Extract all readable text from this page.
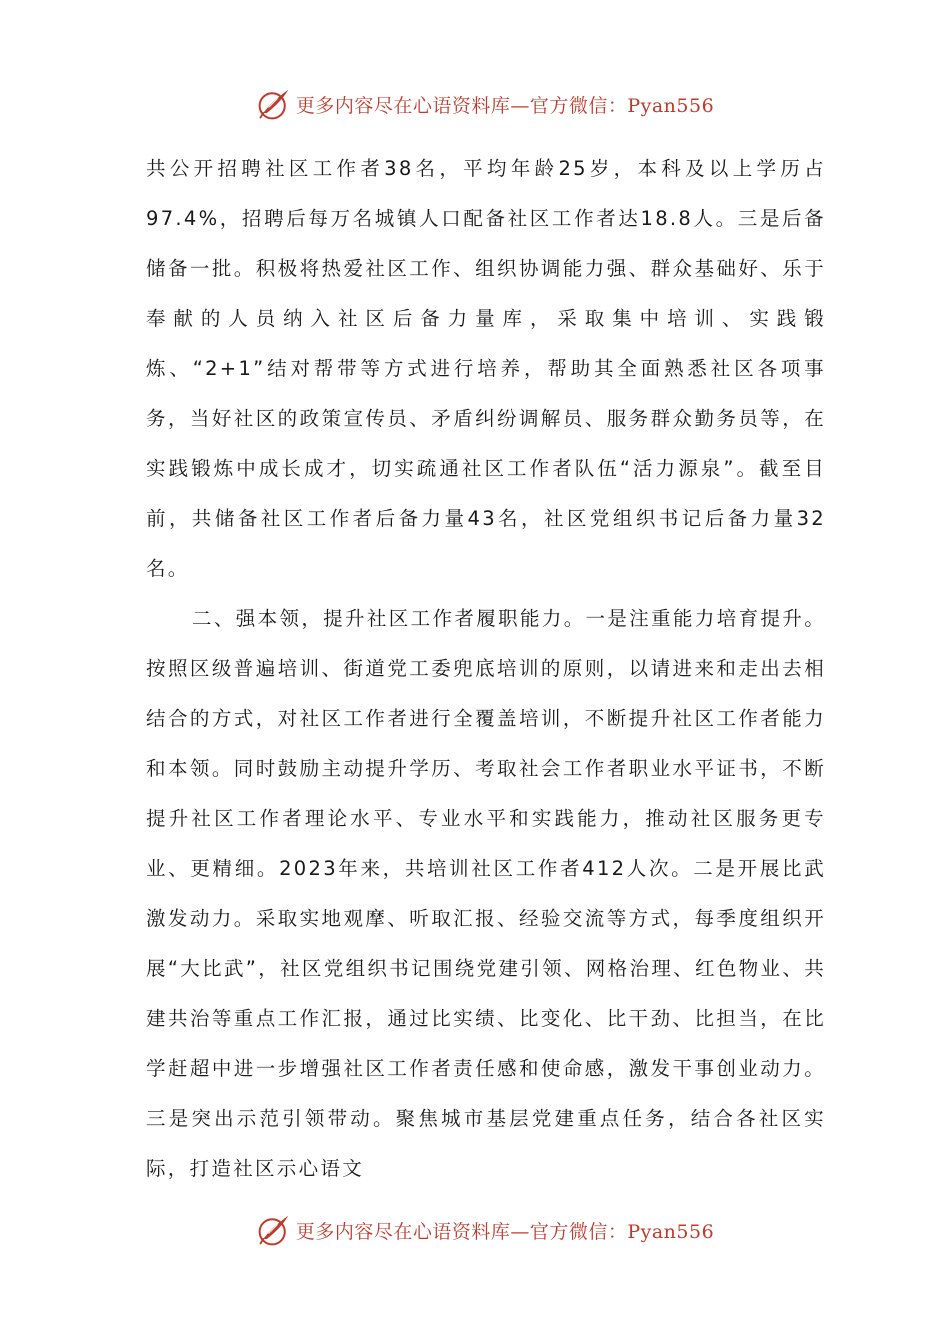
更多内容尽在心语资料库—官方微信：Pyan556

共公开招聘社区工作者38名，平均年龄25岁，本科及以上学历占97.4%，招聘后每万名城镇人口配备社区工作者达18.8人。三是后备储备一批。积极将热爱社区工作、组织协调能力强、群众基础好、乐于奉献的人员纳入社区后备力量库，采取集中培训、实践锻炼、“2+1”结对帮带等方式进行培养，帮助其全面熟悉社区各项事务，当好社区的政策宣传员、矛盾纠纷调解员、服务群众勤务员等，在实践锻炼中成长成才，切实疏通社区工作者队伍“活力源泉”。截至目前，共储备社区工作者后备力量43名，社区党组织书记后备力量32名。

二、强本领，提升社区工作者履职能力。一是注重能力培育提升。按照区级普遍培训、街道党工委兜底培训的原则，以请进来和走出去相结合的方式，对社区工作者进行全覆盖培训，不断提升社区工作者能力和本领。同时鼓励主动提升学历、考取社会工作者职业水平证书，不断提升社区工作者理论水平、专业水平和实践能力，推动社区服务更专业、更精细。2023年来，共培训社区工作者412人次。二是开展比武激发动力。采取实地观摩、听取汇报、经验交流等方式，每季度组织开展“大比武”，社区党组织书记围绕党建引领、网格治理、红色物业、共建共治等重点工作汇报，通过比实绩、比变化、比干劲、比担当，在比学赶超中进一步增强社区工作者责任感和使命感，激发干事创业动力。三是突出示范引领带动。聚焦城市基层党建重点任务，结合各社区实际，打造社区示心语文

更多内容尽在心语资料库—官方微信：Pyan556
